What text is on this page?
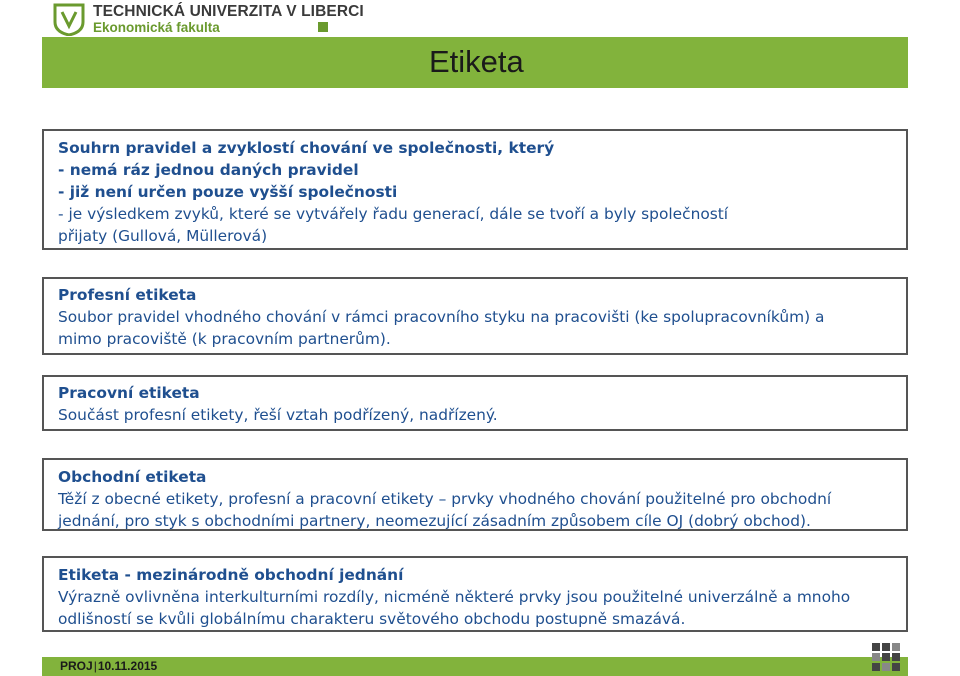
TECHNICKÁ UNIVERZITA V LIBERCI
Ekonomická fakulta
Etiketa
Souhrn pravidel a zvyklostí chování ve společnosti, který
- nemá ráz jednou daných pravidel
- již není určen pouze vyšší společnosti
- je výsledkem zvyků, které se vytvářely řadu generací, dále se tvoří a byly společností
přijaty (Gullová, Müllerová)
Profesní etiketa
Soubor pravidel vhodného chování v rámci pracovního styku na pracovišti (ke spolupracovníkům) a
mimo pracoviště (k pracovním partnerům).
Pracovní etiketa
Součást profesní etikety, řeší vztah podřízený, nadřízený.
Obchodní etiketa
Těží z obecné etikety, profesní a pracovní etikety – prvky vhodného chování použitelné pro obchodní
jednání, pro styk s obchodními partnery, neomezující zásadním způsobem cíle OJ (dobrý obchod).
Etiketa - mezinárodně obchodní jednání
Výrazně ovlivněna interkulturními rozdíly, nicméně některé prvky jsou použitelné univerzálně a mnoho
odlišností se kvůli globálnímu charakteru světového obchodu postupně smazává.
PROJ|10.11.2015
